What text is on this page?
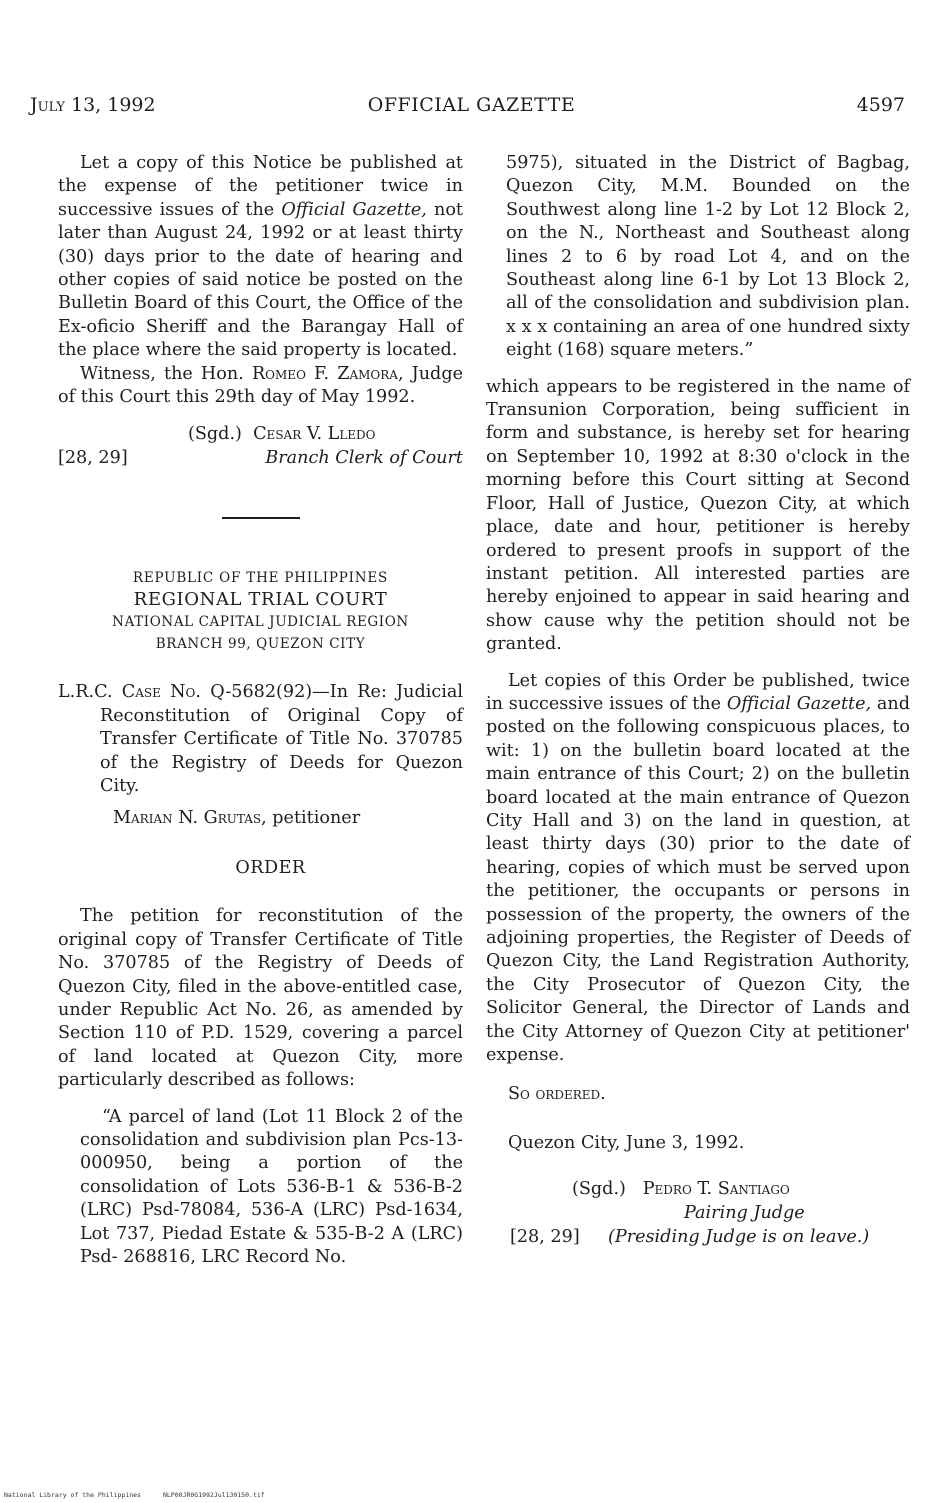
July 13, 1992	OFFICIAL GAZETTE	4597

Let a copy of this Notice be published at the expense of the petitioner twice in successive issues of the Official Gazette, not later than August 24, 1992 or at least thirty (30) days prior to the date of hearing and other copies of said notice be posted on the Bulletin Board of this Court, the Office of the Ex-oficio Sheriff and the Barangay Hall of the place where the said property is located.

Witness, the Hon. Romeo F. Zamora, Judge of this Court this 29th day of May 1992.

(Sgd.) Cesar V. Lledo
[28, 29]	Branch Clerk of Court
REPUBLIC OF THE PHILIPPINES
REGIONAL TRIAL COURT
NATIONAL CAPITAL JUDICIAL REGION
BRANCH 99, QUEZON CITY

L.R.C. Case No. Q-5682(92)—In Re: Judicial Reconstitution of Original Copy of Transfer Certificate of Title No. 370785 of the Registry of Deeds for Quezon City.

Marian N. Grutas, petitioner

ORDER

The petition for reconstitution of the original copy of Transfer Certificate of Title No. 370785 of the Registry of Deeds of Quezon City, filed in the above-entitled case, under Republic Act No. 26, as amended by Section 110 of P.D. 1529, covering a parcel of land located at Quezon City, more particularly described as follows:

“A parcel of land (Lot 11 Block 2 of the consolidation and subdivision plan Pcs-13-000950, being a portion of the consolidation of Lots 536-B-1 & 536-B-2 (LRC) Psd-78084, 536-A (LRC) Psd-1634, Lot 737, Piedad Estate & 535-B-2 A (LRC) Psd- 268816, LRC Record No.

5975), situated in the District of Bagbag, Quezon City, M.M. Bounded on the Southwest along line 1-2 by Lot 12 Block 2, on the N., Northeast and Southeast along lines 2 to 6 by road Lot 4, and on the Southeast along line 6-1 by Lot 13 Block 2, all of the consolidation and subdivision plan. x x x containing an area of one hundred sixty eight (168) square meters.”

which appears to be registered in the name of Transunion Corporation, being sufficient in form and substance, is hereby set for hearing on September 10, 1992 at 8:30 o'clock in the morning before this Court sitting at Second Floor, Hall of Justice, Quezon City, at which place, date and hour, petitioner is hereby ordered to present proofs in support of the instant petition. All interested parties are hereby enjoined to appear in said hearing and show cause why the petition should not be granted.

Let copies of this Order be published, twice in successive issues of the Official Gazette, and posted on the following conspicuous places, to wit: 1) on the bulletin board located at the main entrance of this Court; 2) on the bulletin board located at the main entrance of Quezon City Hall and 3) on the land in question, at least thirty days (30) prior to the date of hearing, copies of which must be served upon the petitioner, the occupants or persons in possession of the property, the owners of the adjoining properties, the Register of Deeds of Quezon City, the Land Registration Authority, the City Prosecutor of Quezon City, the Solicitor General, the Director of Lands and the City Attorney of Quezon City at petitioner' expense.

So ordered.

Quezon City, June 3, 1992.

(Sgd.) Pedro T. Santiago
Pairing Judge
[28, 29] (Presiding Judge is on leave.)
National Library of the Philippines	NLP00JR0G1992Jul130150.tif
